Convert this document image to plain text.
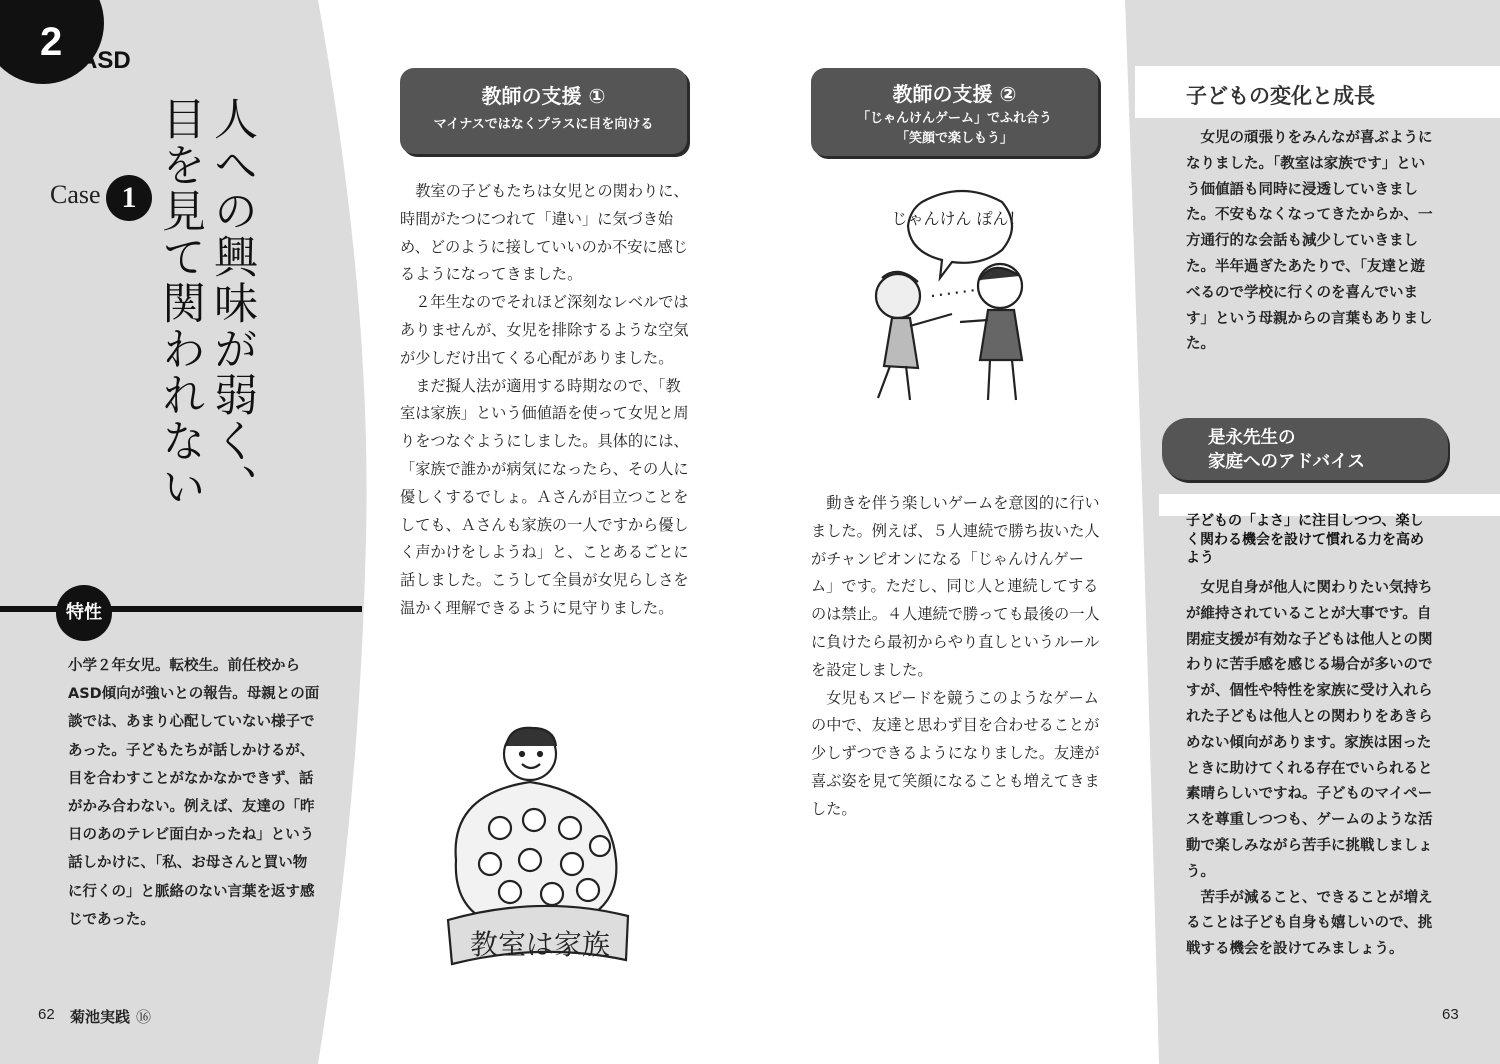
2 ASD
Case 1	人への興味が弱く、
目を見て関われない
特性
小学２年女児。転校生。前任校からASD傾向が強いとの報告。母親との面談では、あまり心配していない様子であった。子どもたちが話しかけるが、目を合わすことがなかなかできず、話がかみ合わない。例えば、友達の「昨日のあのテレビ面白かったね」という話しかけに、「私、お母さんと買い物に行くの」と脈絡のない言葉を返す感じであった。
62 菊池実践 ⑯
教師の支援 ①
マイナスではなくプラスに目を向ける

教室の子どもたちは女児との関わりに、時間がたつにつれて「違い」に気づき始め、どのように接していいのか不安に感じるようになってきました。

２年生なのでそれほど深刻なレベルではありませんが、女児を排除するような空気が少しだけ出てくる心配がありました。

まだ擬人法が適用する時期なので、「教室は家族」という価値語を使って女児と周りをつなぐようにしました。具体的には、「家族で誰かが病気になったら、その人に優しくするでしょ。Ａさんが目立つことをしても、Ａさんも家族の一人ですから優しく声かけをしようね」と、ことあるごとに話しました。こうして全員が女児らしさを温かく理解できるように見守りました。

教室は家族
教師の支援 ②
「じゃんけんゲーム」でふれ合う
「笑顔で楽しもう」
じゃんけん ぽん！

動きを伴う楽しいゲームを意図的に行いました。例えば、５人連続で勝ち抜いた人がチャンピオンになる「じゃんけんゲーム」です。ただし、同じ人と連続してするのは禁止。４人連続で勝っても最後の一人に負けたら最初からやり直しというルールを設定しました。

女児もスピードを競うこのようなゲームの中で、友達と思わず目を合わせることが少しずつできるようになりました。友達が喜ぶ姿を見て笑顔になることも増えてきました。

子どもの変化と成長

女児の頑張りをみんなが喜ぶようになりました。「教室は家族です」という価値語も同時に浸透していきました。不安もなくなってきたからか、一方通行的な会話も減少していきました。半年過ぎたあたりで、「友達と遊べるので学校に行くのを喜んでいます」という母親からの言葉もありました。

是永先生の
家庭へのアドバイス
子どもの「よさ」に注目しつつ、楽しく関わる機会を設けて慣れる力を高めよう

女児自身が他人に関わりたい気持ちが維持されていることが大事です。自閉症支援が有効な子どもは他人との関わりに苦手感を感じる場合が多いのですが、個性や特性を家族に受け入れられた子どもは他人との関わりをあきらめない傾向があります。家族は困ったときに助けてくれる存在でいられると素晴らしいですね。子どものマイペースを尊重しつつも、ゲームのような活動で楽しみながら苦手に挑戦しましょう。

苦手が減ること、できることが増えることは子ども自身も嬉しいので、挑戦する機会を設けてみましょう。

63
